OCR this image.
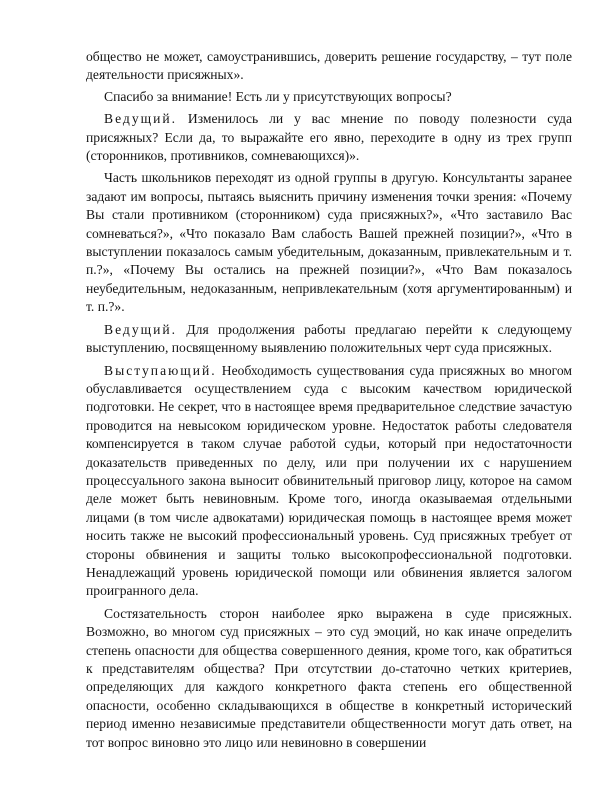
общество не может, самоустранившись, доверить решение государству, – тут поле деятельности присяжных».

Спасибо за внимание! Есть ли у присутствующих вопросы?

Ведущий. Изменилось ли у вас мнение по поводу полезности суда присяжных? Если да, то выражайте его явно, переходите в одну из трех групп (сторонников, противников, сомневающихся)».

Часть школьников переходят из одной группы в другую. Консультанты заранее задают им вопросы, пытаясь выяснить причину изменения точки зрения: «Почему Вы стали противником (сторонником) суда присяжных?», «Что заставило Вас сомневаться?», «Что показало Вам слабость Вашей прежней позиции?», «Что в выступлении показалось самым убедительным, доказанным, привлекательным и т. п.?», «Почему Вы остались на прежней позиции?», «Что Вам показалось неубедительным, недоказанным, непривлекательным (хотя аргументированным) и т. п.?».

Ведущий. Для продолжения работы предлагаю перейти к следующему выступлению, посвященному выявлению положительных черт суда присяжных.

Выступающий. Необходимость существования суда присяжных во многом обуславливается осуществлением суда с высоким качеством юридической подготовки. Не секрет, что в настоящее время предварительное следствие зачастую проводится на невысоком юридическом уровне. Недостаток работы следователя компенсируется в таком случае работой судьи, который при недостаточности доказательств приведенных по делу, или при получении их с нарушением процессуального закона выносит обвинительный приговор лицу, которое на самом деле может быть невиновным. Кроме того, иногда оказываемая отдельными лицами (в том числе адвокатами) юридическая помощь в настоящее время может носить также не высокий профессиональный уровень. Суд присяжных требует от стороны обвинения и защиты только высокопрофессиональной подготовки. Ненадлежащий уровень юридической помощи или обвинения является залогом проигранного дела.

Состязательность сторон наиболее ярко выражена в суде присяжных. Возможно, во многом суд присяжных – это суд эмоций, но как иначе определить степень опасности для общества совершенного деяния, кроме того, как обратиться к представителям общества? При отсутствии до-статочно четких критериев, определяющих для каждого конкретного факта степень его общественной опасности, особенно складывающихся в обществе в конкретный исторический период именно независимые представители общественности могут дать ответ, на тот вопрос виновно это лицо или невиновно в совершении
